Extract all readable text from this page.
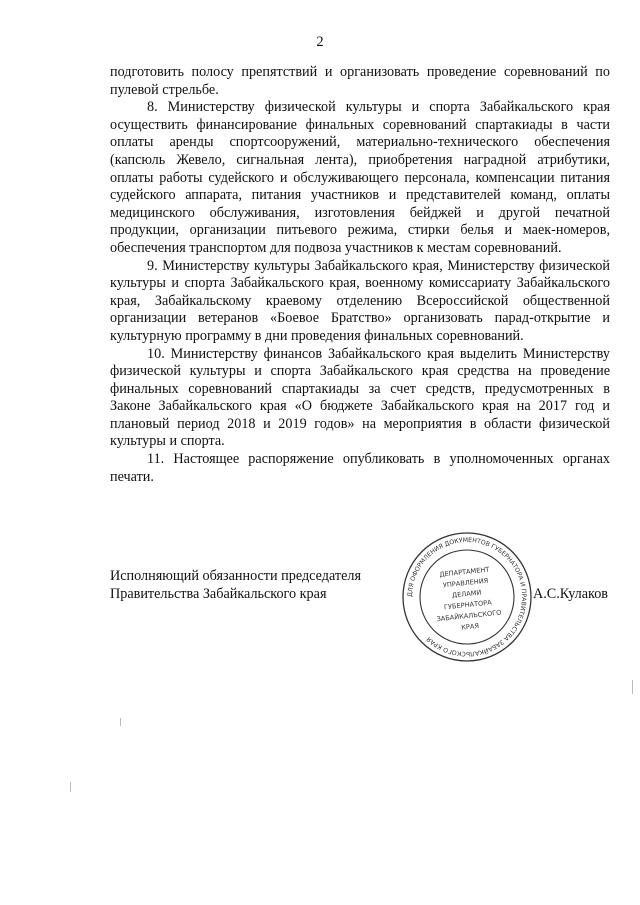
2

подготовить полосу препятствий и организовать проведение соревнований по пулевой стрельбе.

8. Министерству физической культуры и спорта Забайкальского края осуществить финансирование финальных соревнований спартакиады в части оплаты аренды спортсооружений, материально-технического обеспечения (капсюль Жевело, сигнальная лента), приобретения наградной атрибутики, оплаты работы судейского и обслуживающего персонала, компенсации питания судейского аппарата, питания участников и представителей команд, оплаты медицинского обслуживания, изготовления бейджей и другой печатной продукции, организации питьевого режима, стирки белья и маек-номеров, обеспечения транспортом для подвоза участников к местам соревнований.

9. Министерству культуры Забайкальского края, Министерству физической культуры и спорта Забайкальского края, военному комиссариату Забайкальского края, Забайкальскому краевому отделению Всероссийской общественной организации ветеранов «Боевое Братство» организовать парад-открытие и культурную программу в дни проведения финальных соревнований.

10. Министерству финансов Забайкальского края выделить Министерству физической культуры и спорта Забайкальского края средства на проведение финальных соревнований спартакиады за счет средств, предусмотренных в Законе Забайкальского края «О бюджете Забайкальского края на 2017 год и плановый период 2018 и 2019 годов» на мероприятия в области физической культуры и спорта.

11. Настоящее распоряжение опубликовать в уполномоченных органах печати.

Исполняющий обязанности председателя
Правительства Забайкальского края	А.С.Кулаков
ДЛЯ ОФОРМЛЕНИЯ ДОКУМЕНТОВ ГУБЕРНАТОРА И ПРАВИТЕЛЬСТВА ЗАБАЙКАЛЬСКОГО КРАЯ
ДЕПАРТАМЕНТ
УПРАВЛЕНИЯ
ДЕЛАМИ
ГУБЕРНАТОРА
ЗАБАЙКАЛЬСКОГО
КРАЯ
